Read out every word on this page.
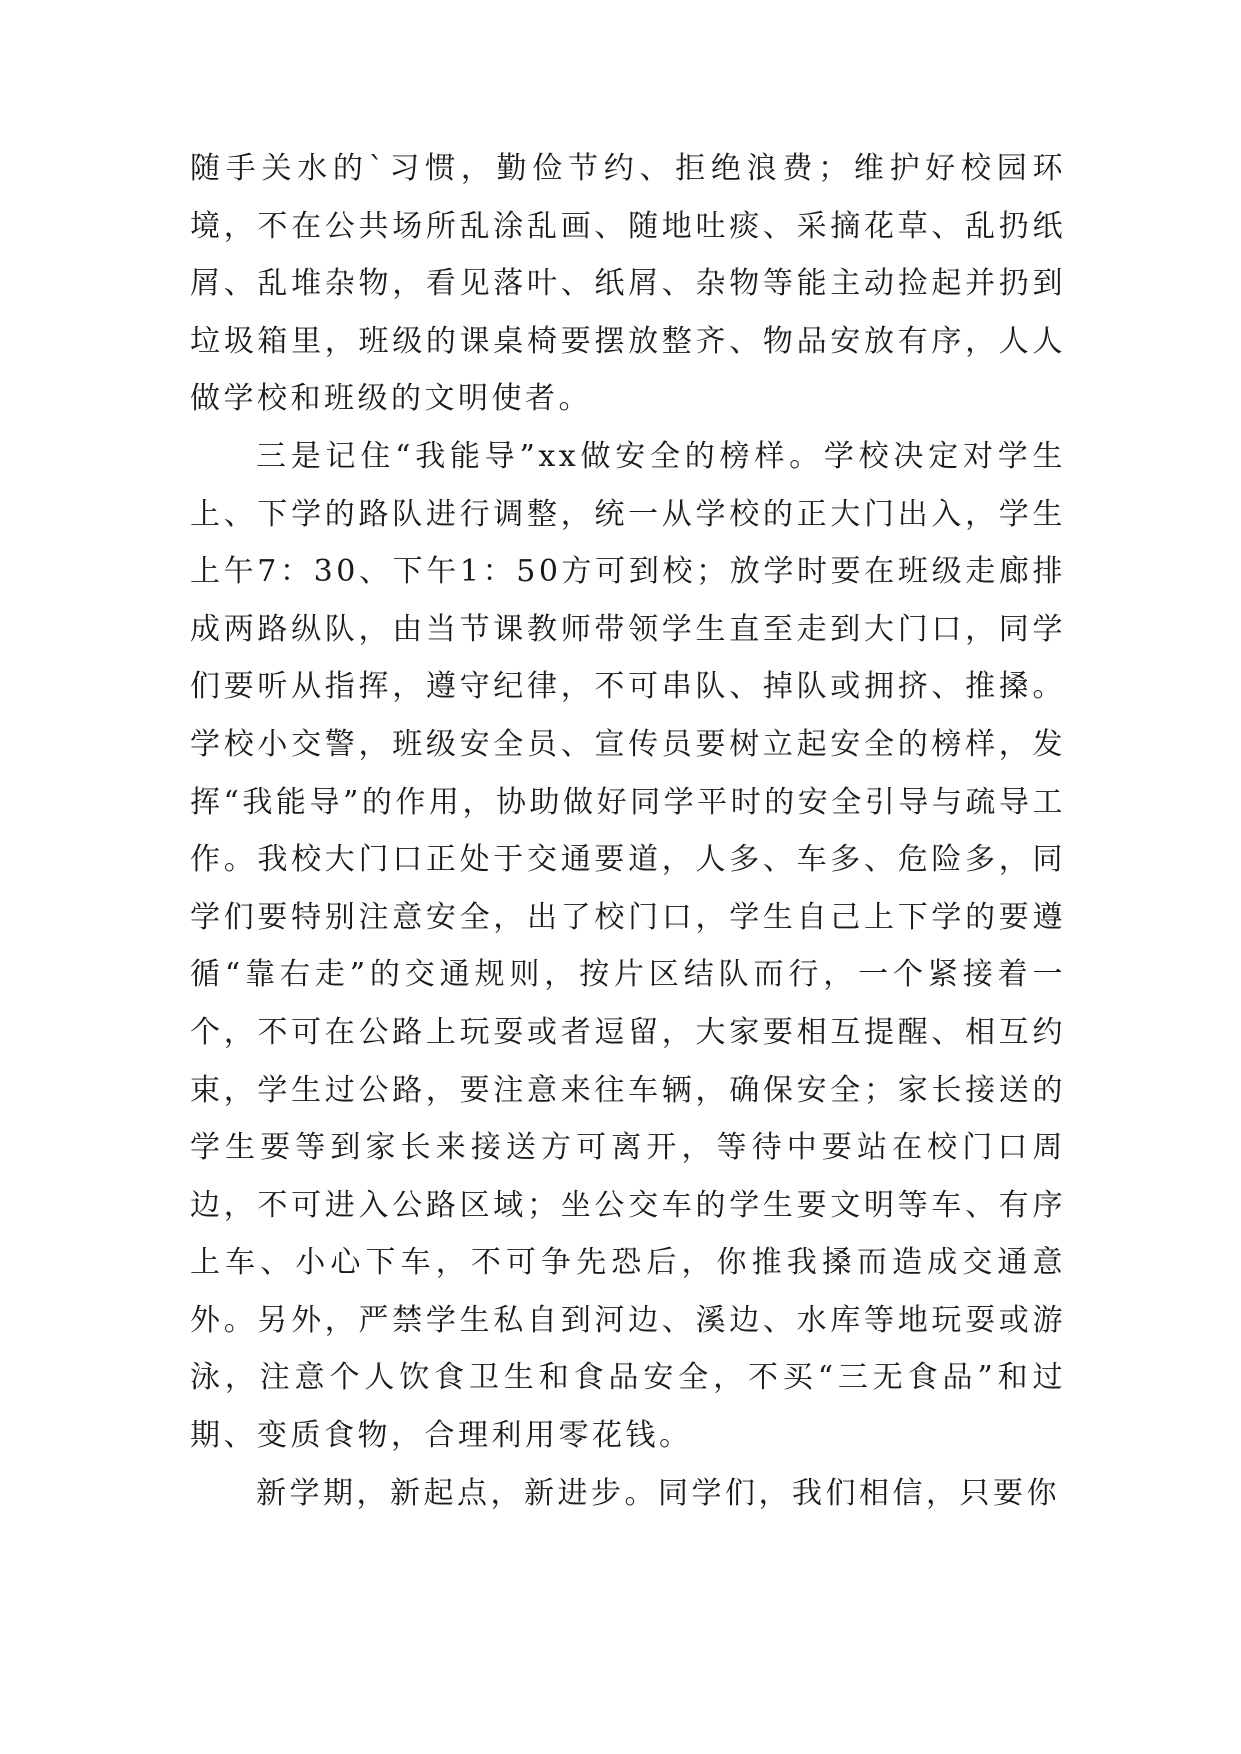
随手关水的`习惯，勤俭节约、拒绝浪费；维护好校园环境，不在公共场所乱涂乱画、随地吐痰、采摘花草、乱扔纸屑、乱堆杂物，看见落叶、纸屑、杂物等能主动捡起并扔到垃圾箱里，班级的课桌椅要摆放整齐、物品安放有序，人人做学校和班级的文明使者。

三是记住“我能导”xx做安全的榜样。学校决定对学生上、下学的路队进行调整，统一从学校的正大门出入，学生上午7：30、下午1：50方可到校；放学时要在班级走廊排成两路纵队，由当节课教师带领学生直至走到大门口，同学们要听从指挥，遵守纪律，不可串队、掉队或拥挤、推搡。学校小交警，班级安全员、宣传员要树立起安全的榜样，发挥“我能导”的作用，协助做好同学平时的安全引导与疏导工作。我校大门口正处于交通要道，人多、车多、危险多，同学们要特别注意安全，出了校门口，学生自己上下学的要遵循“靠右走”的交通规则，按片区结队而行，一个紧接着一个，不可在公路上玩耍或者逗留，大家要相互提醒、相互约束，学生过公路，要注意来往车辆，确保安全；家长接送的学生要等到家长来接送方可离开，等待中要站在校门口周边，不可进入公路区域；坐公交车的学生要文明等车、有序上车、小心下车，不可争先恐后，你推我搡而造成交通意外。另外，严禁学生私自到河边、溪边、水库等地玩耍或游泳，注意个人饮食卫生和食品安全，不买“三无食品”和过期、变质食物，合理利用零花钱。

新学期，新起点，新进步。同学们，我们相信，只要你
